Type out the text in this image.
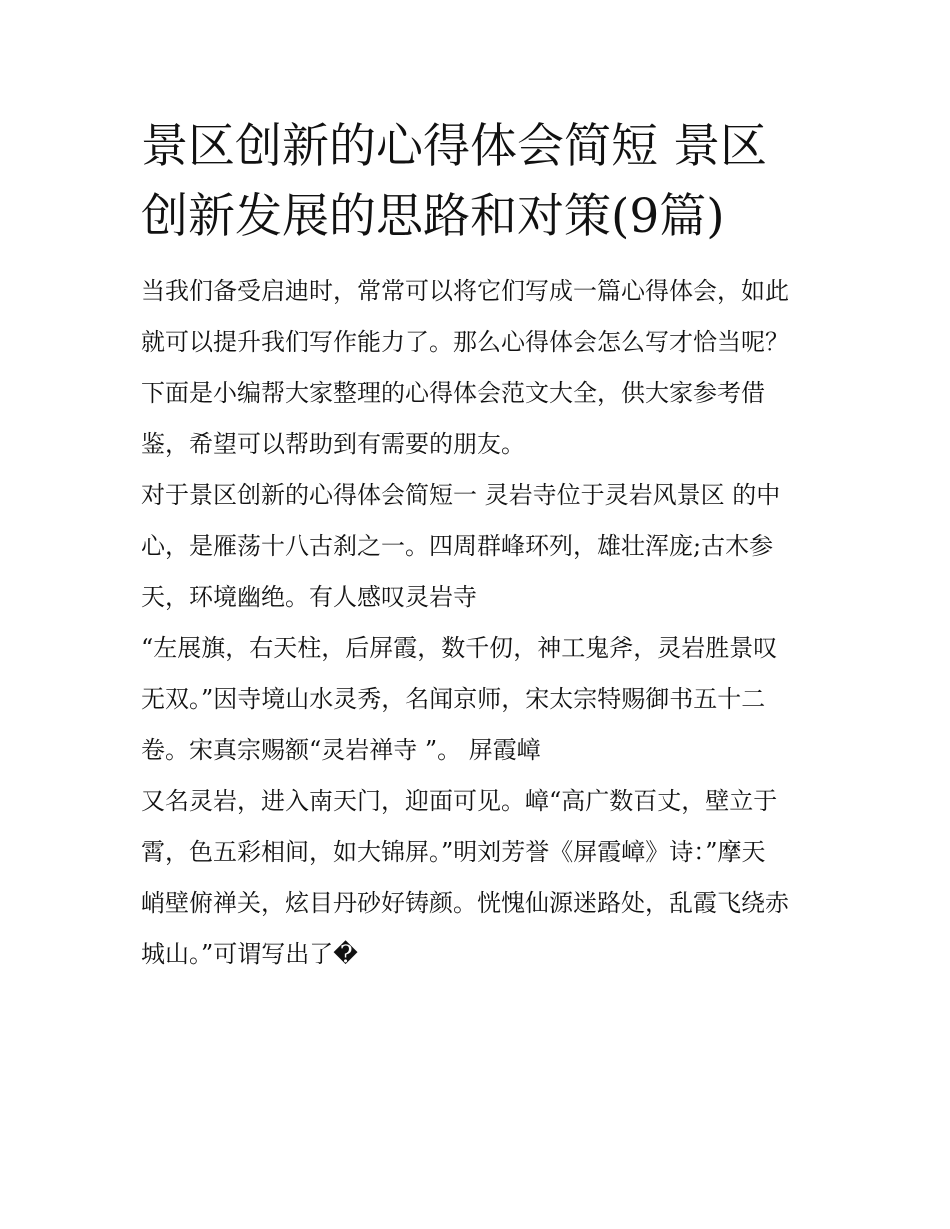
景区创新的心得体会简短 景区
创新发展的思路和对策(9篇)
当我们备受启迪时，常常可以将它们写成一篇心得体会，如此
就可以提升我们写作能力了。那么心得体会怎么写才恰当呢？
下面是小编帮大家整理的心得体会范文大全，供大家参考借
鉴，希望可以帮助到有需要的朋友。
对于景区创新的心得体会简短一 灵岩寺位于灵岩风景区 的中
心，是雁荡十八古刹之一。四周群峰环列，雄壮浑庞;古木参
天，环境幽绝。有人感叹灵岩寺
“左展旗，右天柱，后屏霞，数千仞，神工鬼斧，灵岩胜景叹
无双。”因寺境山水灵秀，名闻京师，宋太宗特赐御书五十二
卷。宋真宗赐额“灵岩禅寺 ”。 屏霞嶂
又名灵岩，进入南天门，迎面可见。嶂“高广数百丈，壁立于
霄，色五彩相间，如大锦屏。”明刘芳誉《屏霞嶂》诗：”摩天
峭壁俯禅关，炫目丹砂好铸颜。恍愧仙源迷路处，乱霞飞绕赤
城山。”可谓写出了�
